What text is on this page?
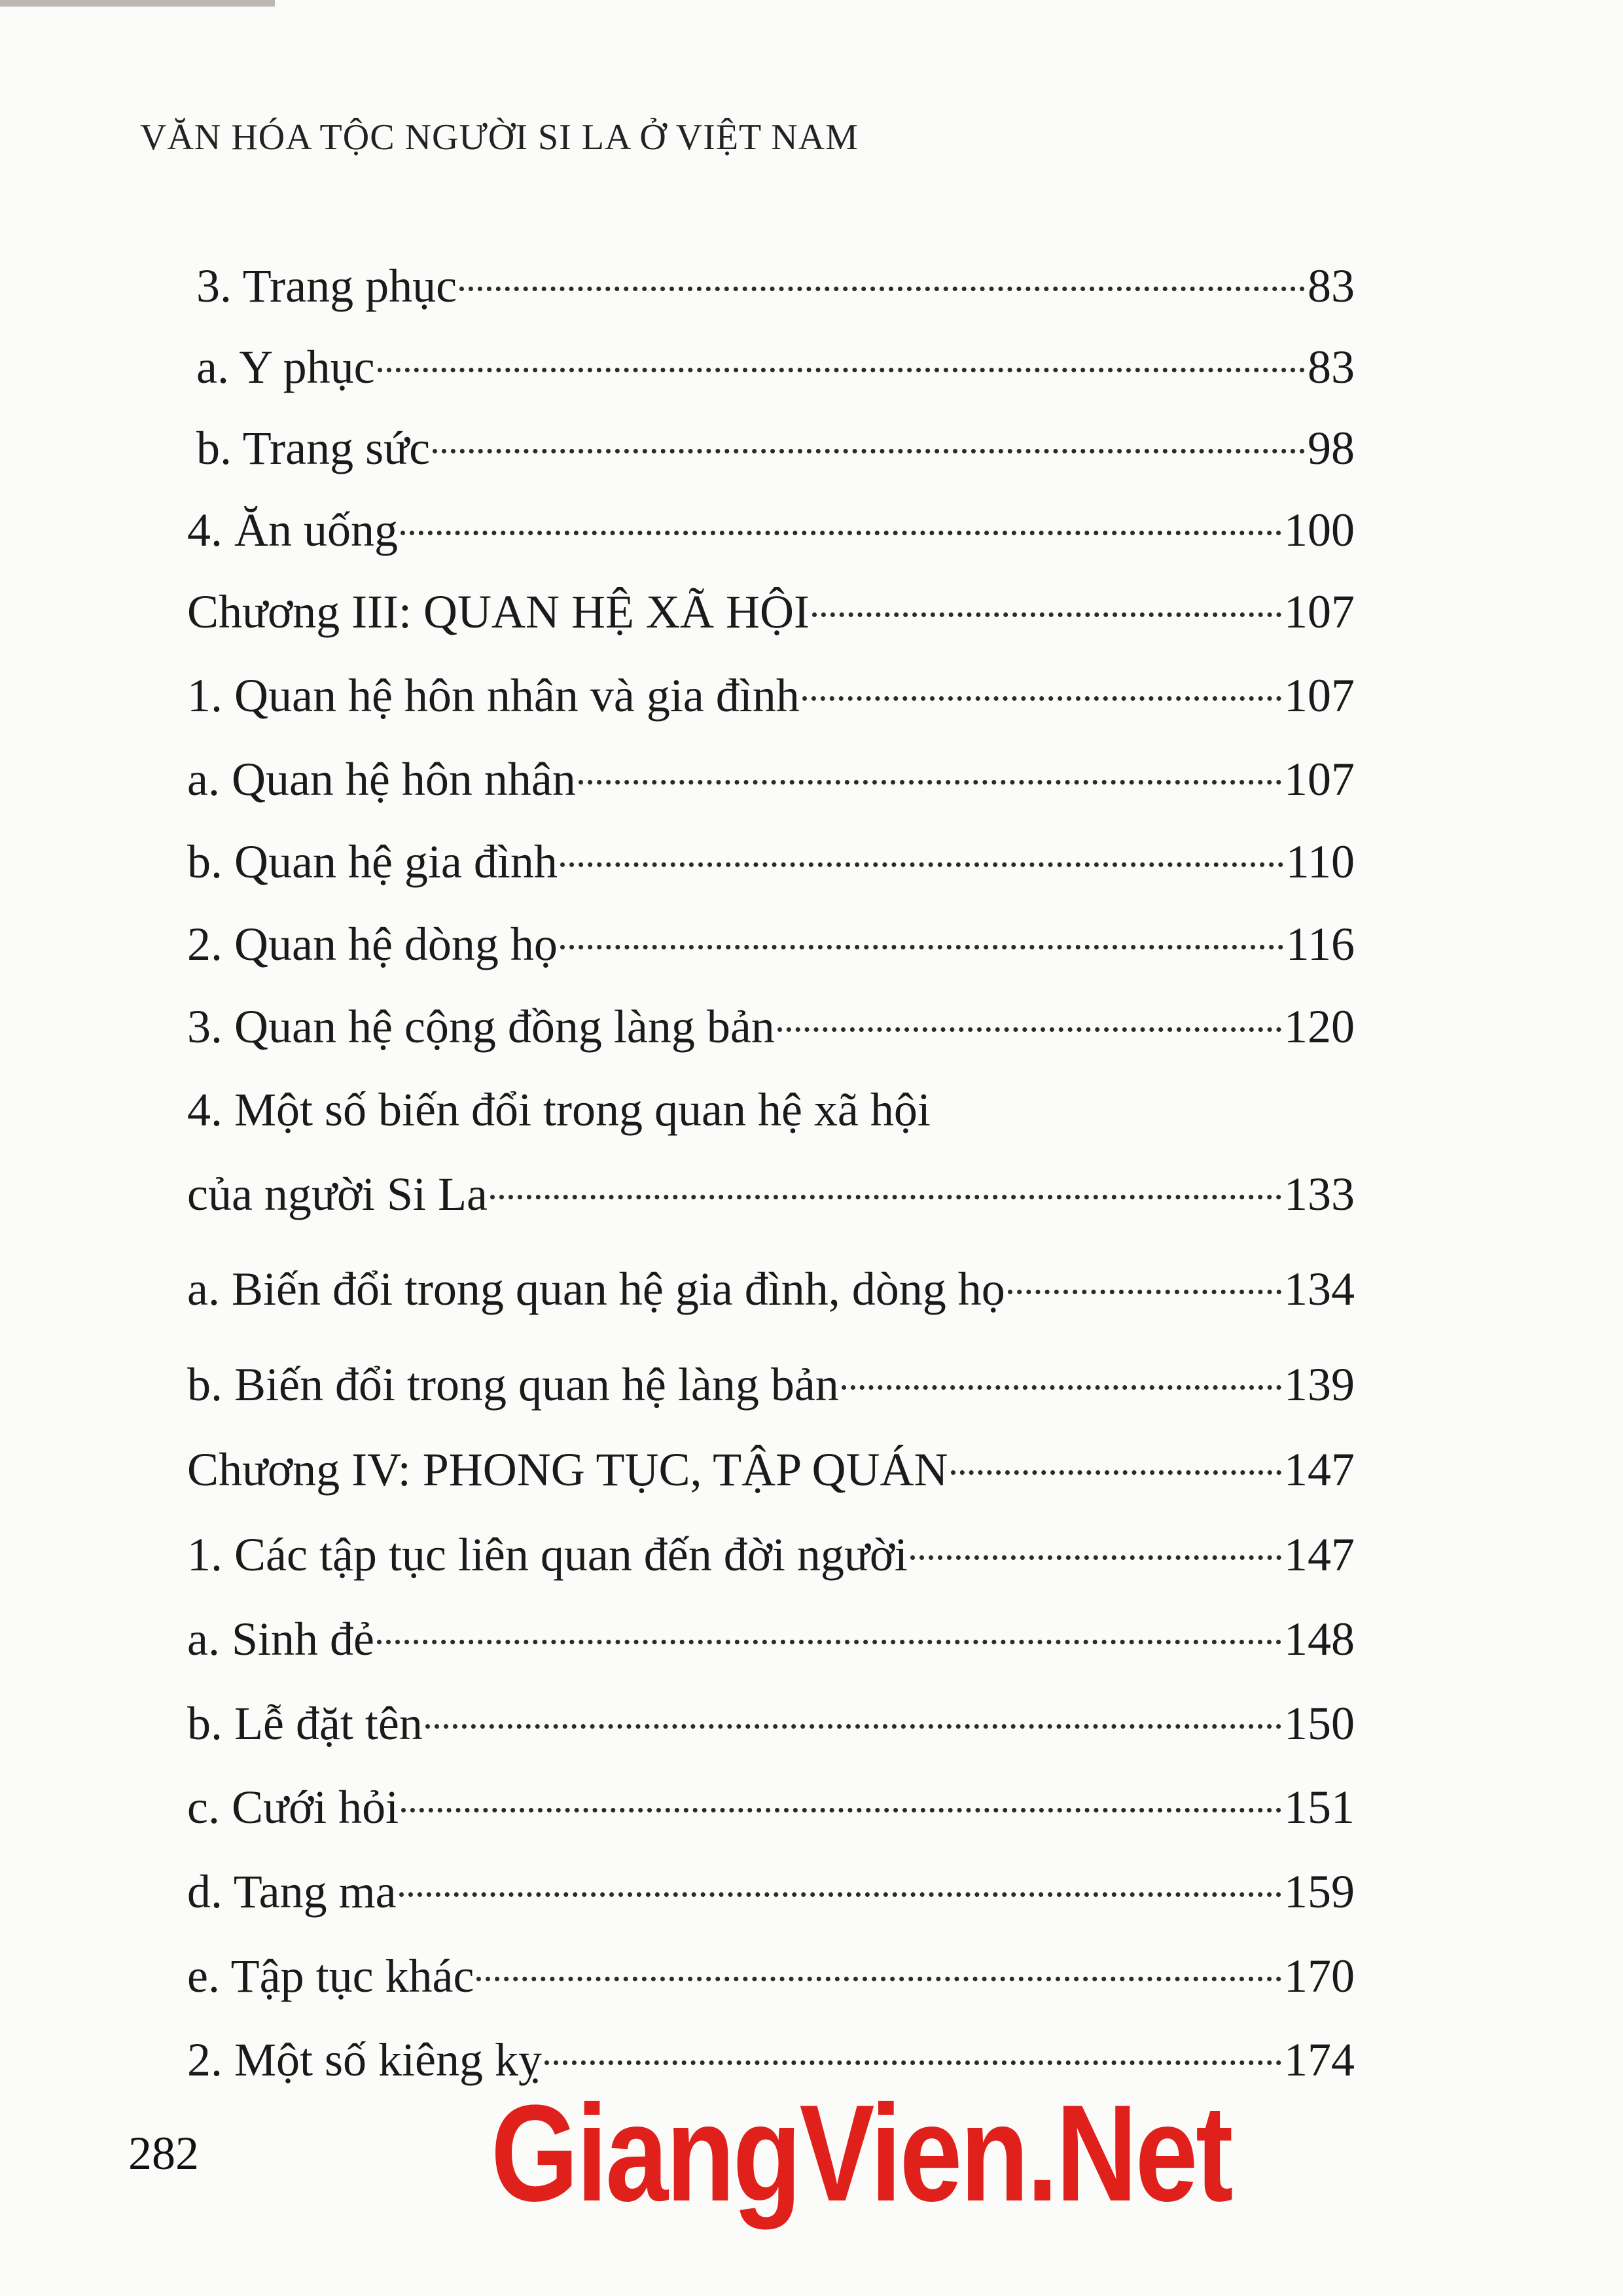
VĂN HÓA TỘC NGƯỜI SI LA Ở VIỆT NAM
3. Trang phục	83
a. Y phục	83
b. Trang sức	98
4. Ăn uống	100
Chương III: QUAN HỆ XÃ HỘI	107
1. Quan hệ hôn nhân và gia đình	107
a. Quan hệ hôn nhân	107
b. Quan hệ gia đình	110
2. Quan hệ dòng họ	116
3. Quan hệ cộng đồng làng bản	120
4. Một số biến đổi trong quan hệ xã hội
của người Si La	133
a. Biến đổi trong quan hệ gia đình, dòng họ	134
b. Biến đổi trong quan hệ làng bản	139
Chương IV: PHONG TỤC, TẬP QUÁN	147
1. Các tập tục liên quan đến đời người	147
a. Sinh đẻ	148
b. Lễ đặt tên	150
c. Cưới hỏi	151
d. Tang ma	159
e. Tập tục khác	170
2. Một số kiêng kỵ	174
282 GiangVien.Net
